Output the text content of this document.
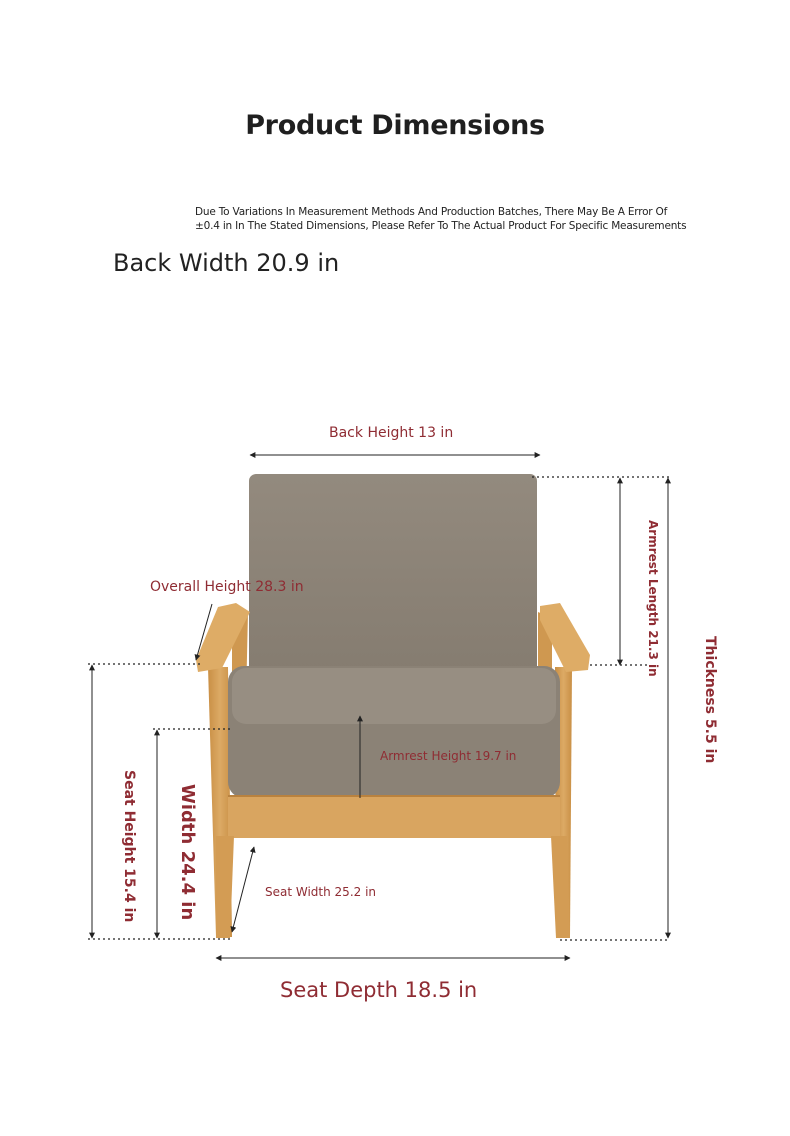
Product Dimensions
Due To Variations In Measurement Methods And Production Batches, There May Be A Error Of
±0.4 in In The Stated Dimensions, Please Refer To The Actual Product For Specific Measurements
Back Width 20.9 in
Back Height 13 in
Overall Height 28.3 in	Armrest Length 21.3 in
Thickness 5.5 in
Armrest Height 19.7 in
Seat Height 15.4 in Width 24.4 in	Seat Width 25.2 in
Seat Depth 18.5 in
